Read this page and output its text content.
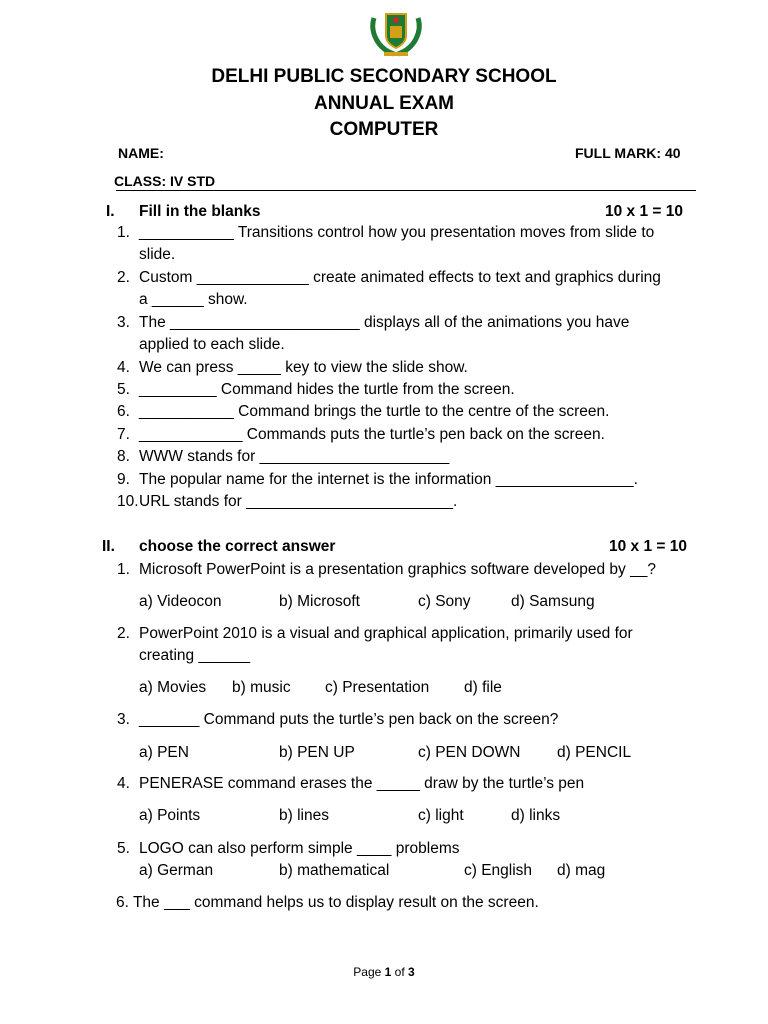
DELHI PUBLIC SECONDARY SCHOOL
ANNUAL EXAM
COMPUTER
NAME:	FULL MARK: 40
CLASS: IV STD
I. Fill in the blanks	10 x 1 = 10
1. ___________ Transitions control how you presentation moves from slide to
slide.
2. Custom _____________ create animated effects to text and graphics during
a ______ show.
3. The ______________________ displays all of the animations you have
applied to each slide.
4. We can press _____ key to view the slide show.
5. _________ Command hides the turtle from the screen.
6. ___________ Command brings the turtle to the centre of the screen.
7. ____________ Commands puts the turtle’s pen back on the screen.
8. WWW stands for ______________________
9. The popular name for the internet is the information ________________.
10. URL stands for ________________________.
II. choose the correct answer	10 x 1 = 10
1. Microsoft PowerPoint is a presentation graphics software developed by __?
a) Videocon	b) Microsoft	c) Sony	d) Samsung
2. PowerPoint 2010 is a visual and graphical application, primarily used for
creating ______
a) Movies b) music c) Presentation d) file
3. _______ Command puts the turtle’s pen back on the screen?
a) PEN	b) PEN UP	c) PEN DOWN d) PENCIL
4. PENERASE command erases the _____ draw by the turtle’s pen
a) Points	b) lines	c) light	d) links
5. LOGO can also perform simple ____ problems
a) German	b) mathematical	c) English d) mag
6. The ___ command helps us to display result on the screen.
Page 1 of 3
